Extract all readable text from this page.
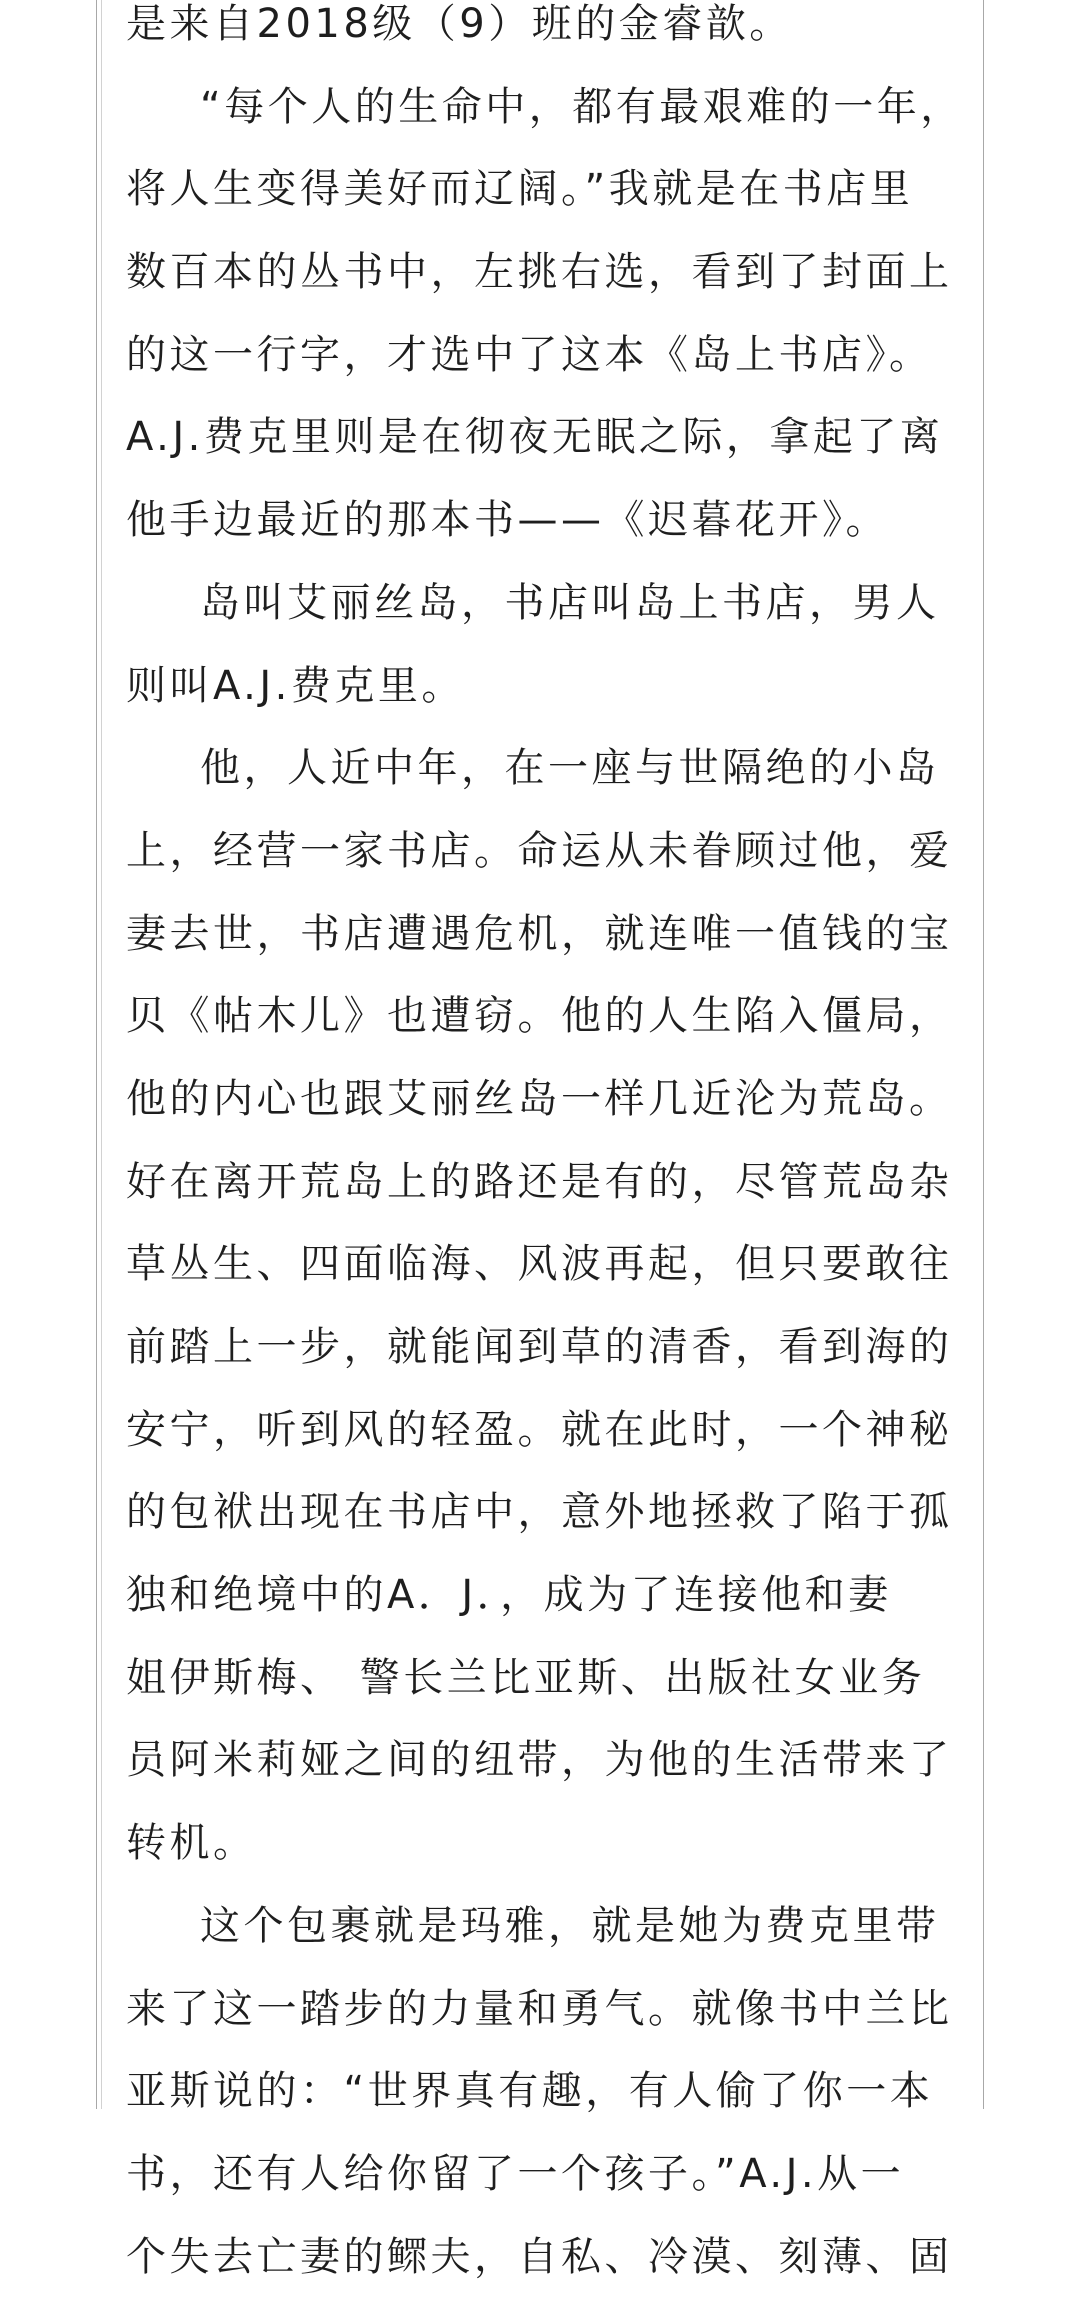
是来自2018级（9）班的金睿歆。
“每个人的生命中，都有最艰难的一年，
将人生变得美好而辽阔。”我就是在书店里
数百本的丛书中，左挑右选，看到了封面上
的这一行字，才选中了这本《岛上书店》。
A.J.费克里则是在彻夜无眠之际，拿起了离
他手边最近的那本书——《迟暮花开》。
岛叫艾丽丝岛，书店叫岛上书店，男人
则叫A.J.费克里。
他，人近中年，在一座与世隔绝的小岛
上，经营一家书店。命运从未眷顾过他，爱
妻去世，书店遭遇危机，就连唯一值钱的宝
贝《帖木儿》也遭窃。他的人生陷入僵局，
他的内心也跟艾丽丝岛一样几近沦为荒岛。
好在离开荒岛上的路还是有的，尽管荒岛杂
草丛生、四面临海、风波再起，但只要敢往
前踏上一步，就能闻到草的清香，看到海的
安宁，听到风的轻盈。就在此时，一个神秘
的包袱出现在书店中，意外地拯救了陷于孤
独和绝境中的A．J．，成为了连接他和妻
姐伊斯梅、 警长兰比亚斯、出版社女业务
员阿米莉娅之间的纽带，为他的生活带来了
转机。
这个包裹就是玛雅，就是她为费克里带
来了这一踏步的力量和勇气。就像书中兰比
亚斯说的：“世界真有趣，有人偷了你一本
书，还有人给你留了一个孩子。”A.J.从一
个失去亡妻的鳏夫，自私、冷漠、刻薄、固
